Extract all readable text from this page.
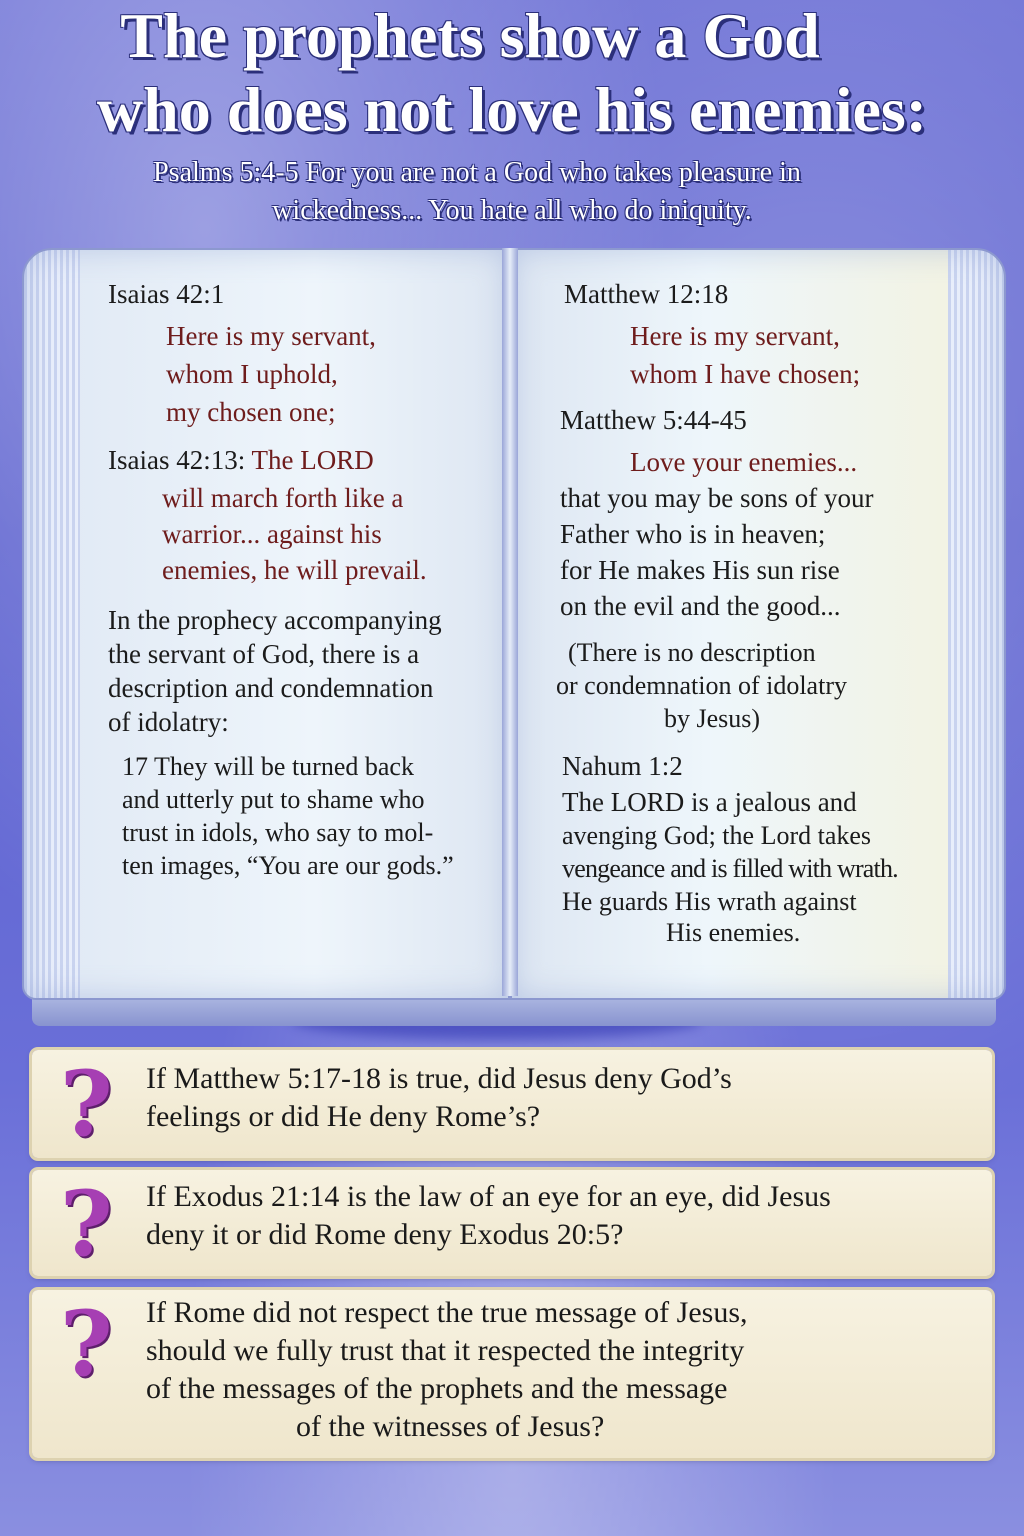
The prophets show a God
who does not love his enemies:
Psalms 5:4-5 For you are not a God who takes pleasure in
wickedness... You hate all who do iniquity.
Isaias 42:1
Here is my servant,
whom I uphold,
my chosen one;
Isaias 42:13: The LORD
will march forth like a
warrior... against his
enemies, he will prevail.
In the prophecy accompanying
the servant of God, there is a
description and condemnation
of idolatry:
17 They will be turned back
and utterly put to shame who
trust in idols, who say to mol-
ten images, “You are our gods.”
Matthew 12:18
Here is my servant,
whom I have chosen;
Matthew 5:44-45
Love your enemies...
that you may be sons of your
Father who is in heaven;
for He makes His sun rise
on the evil and the good...
(There is no description
or condemnation of idolatry
by Jesus)
Nahum 1:2
The LORD is a jealous and
avenging God; the Lord takes
vengeance and is filled with wrath.
He guards His wrath against
His enemies.
?	If Matthew 5:17-18 is true, did Jesus deny God’s
feelings or did He deny Rome’s?
?	If Exodus 21:14 is the law of an eye for an eye, did Jesus
deny it or did Rome deny Exodus 20:5?
?	If Rome did not respect the true message of Jesus,
should we fully trust that it respected the integrity
of the messages of the prophets and the message
of the witnesses of Jesus?
